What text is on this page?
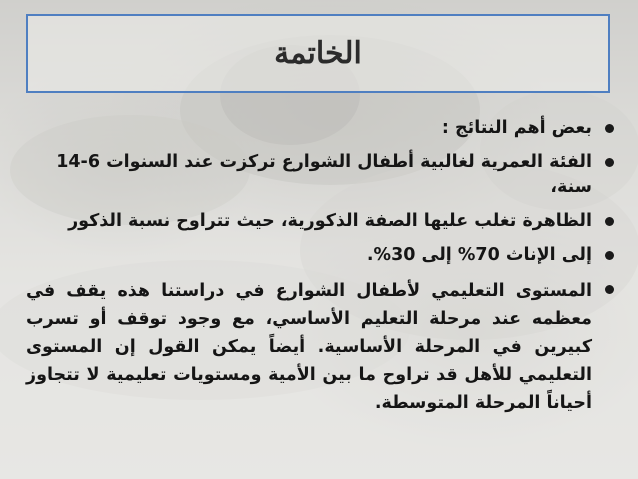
الخاتمة
بعض أهم النتائج :
الفئة العمرية لغالبية أطفال الشوارع تركزت عند السنوات 6-14 سنة،
الظاهرة تغلب عليها الصفة الذكورية، حيث تتراوح نسبة الذكور
إلى الإناث 70% إلى 30%.
المستوى التعليمي لأطفال الشوارع في دراستنا هذه يقف في معظمه عند مرحلة التعليم الأساسي، مع وجود توقف أو تسرب كبيرين في المرحلة الأساسية. أيضاً يمكن القول إن المستوى التعليمي للأهل قد تراوح ما بين الأمية ومستويات تعليمية لا تتجاوز أحياناً المرحلة المتوسطة.
